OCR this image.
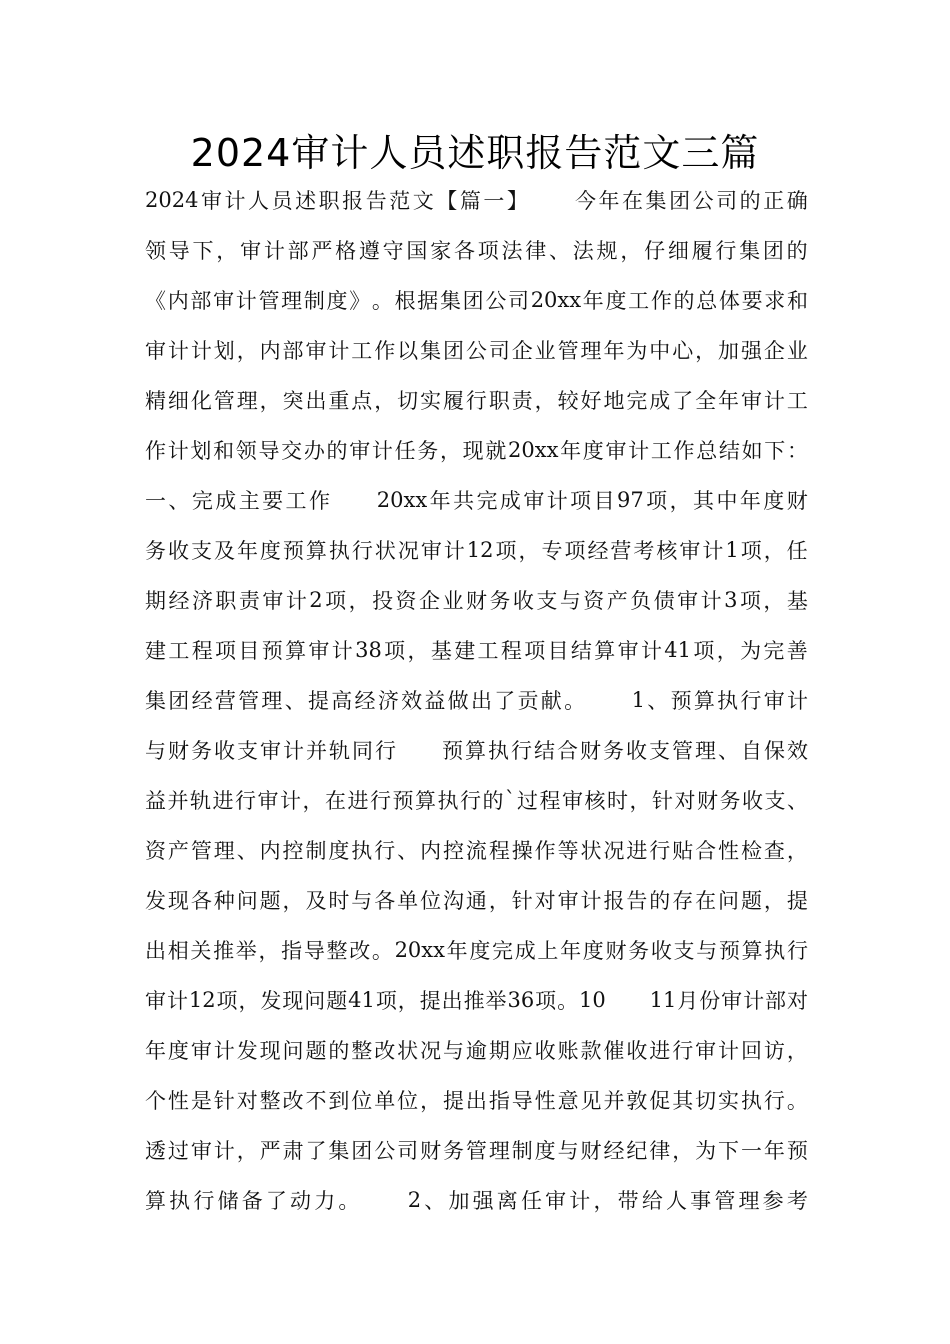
2024审计人员述职报告范文三篇
2024 审 计 人 员 述 职 报 告 范 文 【 篇 一 】 今 年 在 集 团 公 司 的 正 确
领 导 下 ， 审 计 部 严 格 遵 守 国 家 各 项 法 律 、 法 规 ， 仔 细 履 行 集 团 的
《 内 部 审 计 管 理 制 度 》 。 根 据 集 团 公 司 20xx 年 度 工 作 的 总 体 要 求 和
审 计 计 划 ， 内 部 审 计 工 作 以 集 团 公 司 企 业 管 理 年 为 中 心 ， 加 强 企 业
精 细 化 管 理 ， 突 出 重 点 ， 切 实 履 行 职 责 ， 较 好 地 完 成 了 全 年 审 计 工
作 计 划 和 领 导 交 办 的 审 计 任 务 ， 现 就 20xx 年 度 审 计 工 作 总 结 如 下 ：
一 、 完 成 主 要 工 作 20xx 年 共 完 成 审 计 项 目 97 项 ， 其 中 年 度 财
务 收 支 及 年 度 预 算 执 行 状 况 审 计 12 项 ， 专 项 经 营 考 核 审 计 1 项 ， 任
期 经 济 职 责 审 计 2 项 ， 投 资 企 业 财 务 收 支 与 资 产 负 债 审 计 3 项 ， 基
建 工 程 项 目 预 算 审 计 38 项 ， 基 建 工 程 项 目 结 算 审 计 41 项 ， 为 完 善
集 团 经 营 管 理 、 提 高 经 济 效 益 做 出 了 贡 献 。 1 、 预 算 执 行 审 计
与 财 务 收 支 审 计 并 轨 同 行 预 算 执 行 结 合 财 务 收 支 管 理 、 自 保 效
益 并 轨 进 行 审 计 ， 在 进 行 预 算 执 行 的 ` 过 程 审 核 时 ， 针 对 财 务 收 支 、
资 产 管 理 、 内 控 制 度 执 行 、 内 控 流 程 操 作 等 状 况 进 行 贴 合 性 检 查 ，
发 现 各 种 问 题 ， 及 时 与 各 单 位 沟 通 ， 针 对 审 计 报 告 的 存 在 问 题 ， 提
出 相 关 推 举 ， 指 导 整 改 。 20xx 年 度 完 成 上 年 度 财 务 收 支 与 预 算 执 行
审 计 12 项 ， 发 现 问 题 41 项 ， 提 出 推 举 36 项 。 10 11 月 份 审 计 部 对
年 度 审 计 发 现 问 题 的 整 改 状 况 与 逾 期 应 收 账 款 催 收 进 行 审 计 回 访 ，
个 性 是 针 对 整 改 不 到 位 单 位 ， 提 出 指 导 性 意 见 并 敦 促 其 切 实 执 行 。
透 过 审 计 ， 严 肃 了 集 团 公 司 财 务 管 理 制 度 与 财 经 纪 律 ， 为 下 一 年 预
算 执 行 储 备 了 动 力 。 2 、 加 强 离 任 审 计 ， 带 给 人 事 管 理 参 考
